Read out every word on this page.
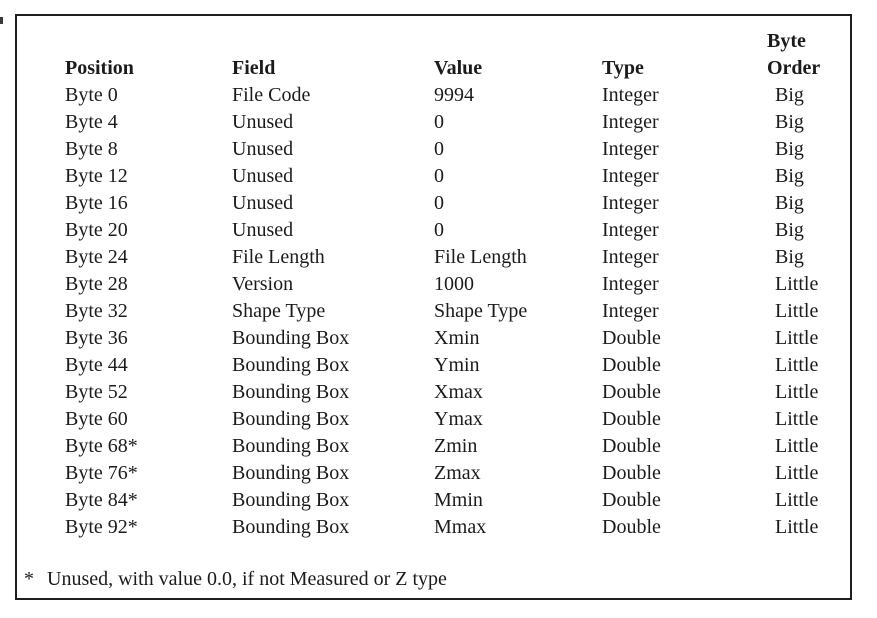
Position	Field	Value	Type	Byte Order
Byte 0	File Code	9994	Integer	Big
Byte 4	Unused	0	Integer	Big
Byte 8	Unused	0	Integer	Big
Byte 12	Unused	0	Integer	Big
Byte 16	Unused	0	Integer	Big
Byte 20	Unused	0	Integer	Big
Byte 24	File Length	File Length	Integer	Big
Byte 28	Version	1000	Integer	Little
Byte 32	Shape Type	Shape Type	Integer	Little
Byte 36	Bounding Box	Xmin	Double	Little
Byte 44	Bounding Box	Ymin	Double	Little
Byte 52	Bounding Box	Xmax	Double	Little
Byte 60	Bounding Box	Ymax	Double	Little
Byte 68*	Bounding Box	Zmin	Double	Little
Byte 76*	Bounding Box	Zmax	Double	Little
Byte 84*	Bounding Box	Mmin	Double	Little
Byte 92*	Bounding Box	Mmax	Double	Little
* Unused, with value 0.0, if not Measured or Z type
